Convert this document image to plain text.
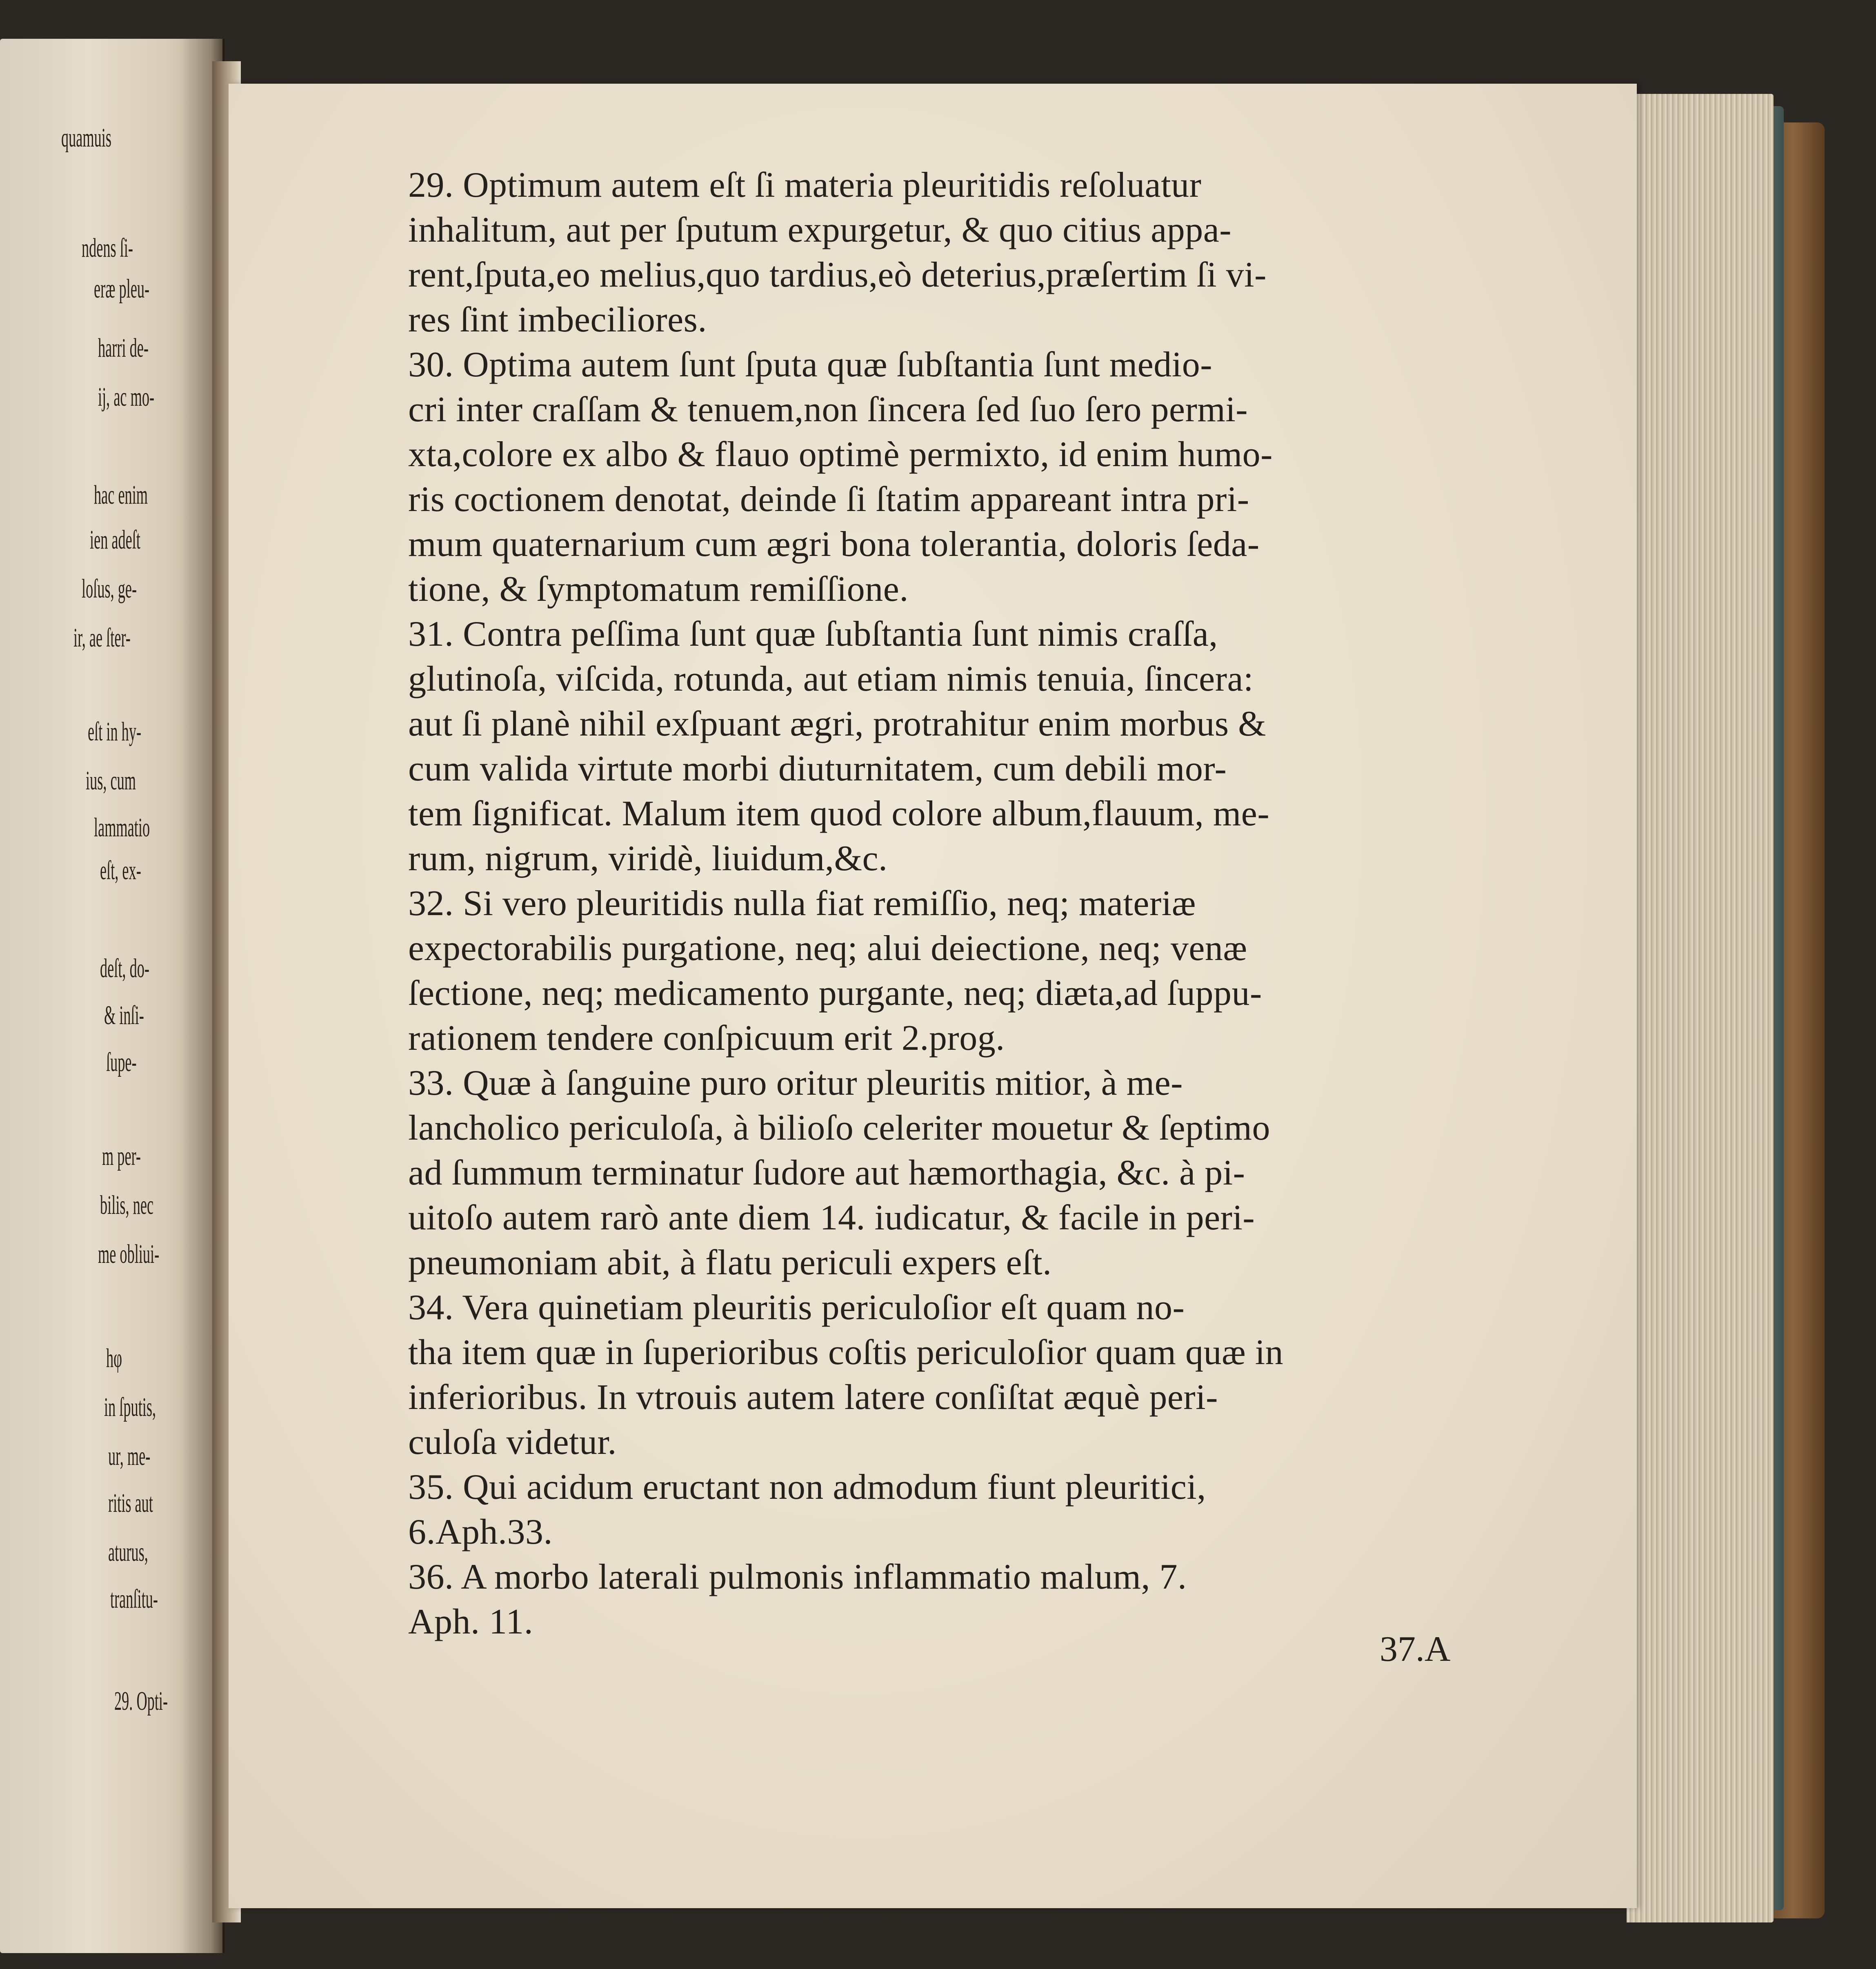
quamuis
ndens ſi-
eræ pleu-
harri de-
ij, ac mo-
hac enim
ien adeſt
loſus, ge-
ir, ae ſter-
eſt in hy-
ius, cum
lammatio
eſt, ex-
deſt, do-
& inſi-
ſupe-
m per-
bilis, nec
me obliui-
hφ
in ſputis,
ur, me-
ritis aut
aturus,
tranſitu-
29. Opti-
29. Optimum autem eſt ſi materia pleuritidis reſoluatur
inhalitum, aut per ſputum expurgetur, & quo citius appa-
rent,ſputa,eo melius,quo tardius,eò deterius,præſertim ſi vi-
res ſint imbeciliores.
30. Optima autem ſunt ſputa quæ ſubſtantia ſunt medio-
cri inter craſſam & tenuem,non ſincera ſed ſuo ſero permi-
xta,colore ex albo & flauo optimè permixto, id enim humo-
ris coctionem denotat, deinde ſi ſtatim appareant intra pri-
mum quaternarium cum ægri bona tolerantia, doloris ſeda-
tione, & ſymptomatum remiſſione.
31. Contra peſſima ſunt quæ ſubſtantia ſunt nimis craſſa,
glutinoſa, viſcida, rotunda, aut etiam nimis tenuia, ſincera:
aut ſi planè nihil exſpuant ægri, protrahitur enim morbus &
cum valida virtute morbi diuturnitatem, cum debili mor-
tem ſignificat. Malum item quod colore album,flauum, me-
rum, nigrum, viridè, liuidum,&c.
32. Si vero pleuritidis nulla fiat remiſſio, neq; materiæ
expectorabilis purgatione, neq; alui deiectione, neq; venæ
ſectione, neq; medicamento purgante, neq; diæta,ad ſuppu-
rationem tendere conſpicuum erit 2.prog.
33. Quæ à ſanguine puro oritur pleuritis mitior, à me-
lancholico periculoſa, à bilioſo celeriter mouetur & ſeptimo
ad ſummum terminatur ſudore aut hæmorthagia, &c. à pi-
uitoſo autem rarò ante diem 14. iudicatur, & facile in peri-
pneumoniam abit, à flatu periculi expers eſt.
34. Vera quinetiam pleuritis periculoſior eſt quam no-
tha item quæ in ſuperioribus coſtis periculoſior quam quæ in
inferioribus. In vtrouis autem latere conſiſtat æquè peri-
culoſa videtur.
35. Qui acidum eructant non admodum fiunt pleuritici,
6.Aph.33.
36. A morbo laterali pulmonis inflammatio malum, 7.
Aph. 11.
37.A
